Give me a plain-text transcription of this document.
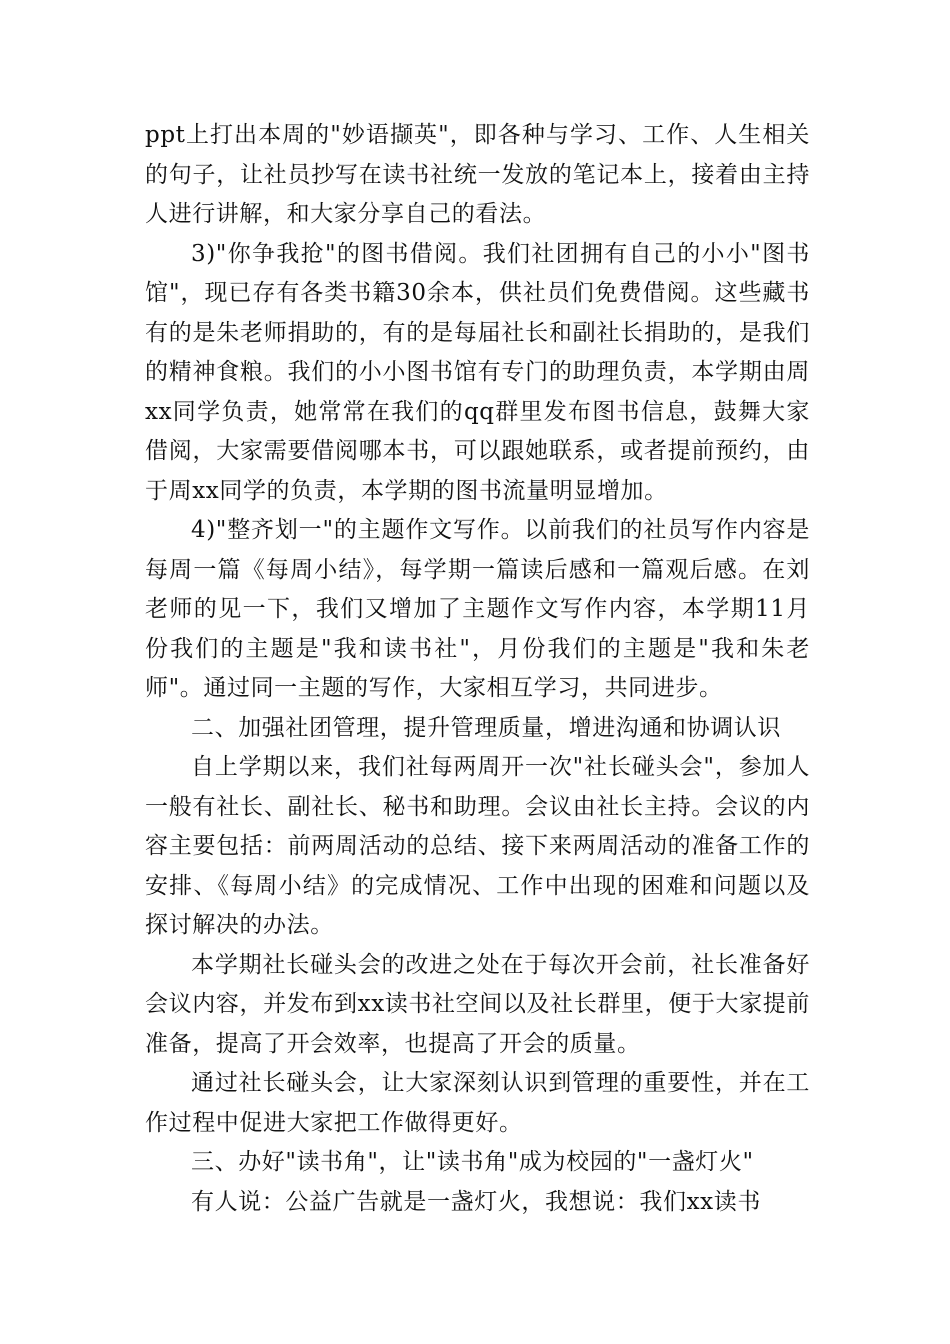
ppt上打出本周的"妙语撷英"，即各种与学习、工作、人生相关的句子，让社员抄写在读书社统一发放的笔记本上，接着由主持人进行讲解，和大家分享自己的看法。

3)"你争我抢"的图书借阅。我们社团拥有自己的小小"图书馆"，现已存有各类书籍30余本，供社员们免费借阅。这些藏书有的是朱老师捐助的，有的是每届社长和副社长捐助的，是我们的精神食粮。我们的小小图书馆有专门的助理负责，本学期由周xx同学负责，她常常在我们的qq群里发布图书信息，鼓舞大家借阅，大家需要借阅哪本书，可以跟她联系，或者提前预约，由于周xx同学的负责，本学期的图书流量明显增加。

4)"整齐划一"的主题作文写作。以前我们的社员写作内容是每周一篇《每周小结》，每学期一篇读后感和一篇观后感。在刘老师的见一下，我们又增加了主题作文写作内容，本学期11月份我们的主题是"我和读书社"，月份我们的主题是"我和朱老师"。通过同一主题的写作，大家相互学习，共同进步。

二、加强社团管理，提升管理质量，增进沟通和协调认识

自上学期以来，我们社每两周开一次"社长碰头会"，参加人一般有社长、副社长、秘书和助理。会议由社长主持。会议的内容主要包括：前两周活动的总结、接下来两周活动的准备工作的安排、《每周小结》的完成情况、工作中出现的困难和问题以及探讨解决的办法。

本学期社长碰头会的改进之处在于每次开会前，社长准备好会议内容，并发布到xx读书社空间以及社长群里，便于大家提前准备，提高了开会效率，也提高了开会的质量。

通过社长碰头会，让大家深刻认识到管理的重要性，并在工作过程中促进大家把工作做得更好。

三、办好"读书角"，让"读书角"成为校园的"一盏灯火"

有人说：公益广告就是一盏灯火，我想说：我们xx读书
